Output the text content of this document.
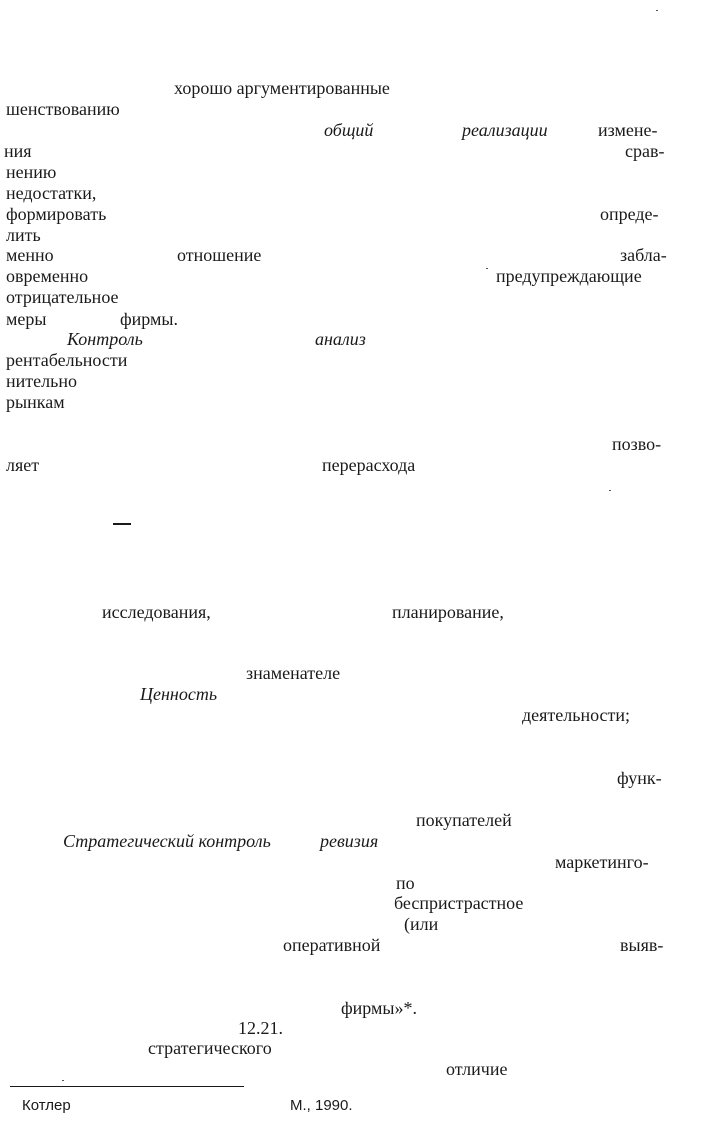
хорошо аргументированные
шенствованию
общий	реализации	измене-
ния	срав-
нению
недостатки,
формировать	опреде-
лить
менно	отношение	забла-
овременно	предупреждающие
отрицательное
меры	фирмы.
Контроль	анализ
рентабельности
нительно
рынкам
позво-
ляет	перерасхода
исследования,	планирование,
знаменателе
Ценность
деятельности;
функ-
покупателей
Стратегический контроль	ревизия
маркетинго-
по
беспристрастное
(или
оперативной	выяв-
фирмы»*.
12.21.
стратегического
отличие
Котлер	М., 1990.
